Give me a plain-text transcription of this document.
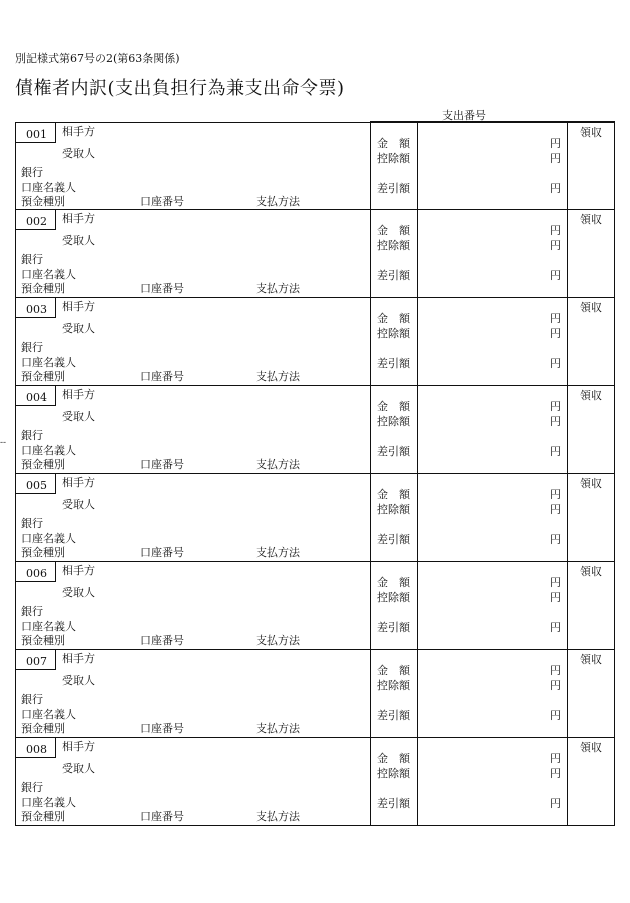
別記様式第67号の2(第63条関係)
債権者内訳(支出負担行為兼支出命令票)
支出番号
--
001 相手方
受取人
銀行
口座名義人
預金種別	口座番号	支払方法
金　額
控除額
差引額
円
円
円
領収
002 相手方
受取人
銀行
口座名義人
預金種別	口座番号	支払方法
金　額
控除額
差引額
円
円
円
領収
003 相手方
受取人
銀行
口座名義人
預金種別	口座番号	支払方法
金　額
控除額
差引額
円
円
円
領収
004 相手方
受取人
銀行
口座名義人
預金種別	口座番号	支払方法
金　額
控除額
差引額
円
円
円
領収
005 相手方
受取人
銀行
口座名義人
預金種別	口座番号	支払方法
金　額
控除額
差引額
円
円
円
領収
006 相手方
受取人
銀行
口座名義人
預金種別	口座番号	支払方法
金　額
控除額
差引額
円
円
円
領収
007 相手方
受取人
銀行
口座名義人
預金種別	口座番号	支払方法
金　額
控除額
差引額
円
円
円
領収
008 相手方
受取人
銀行
口座名義人
預金種別	口座番号	支払方法
金　額
控除額
差引額
円
円
円
領収
